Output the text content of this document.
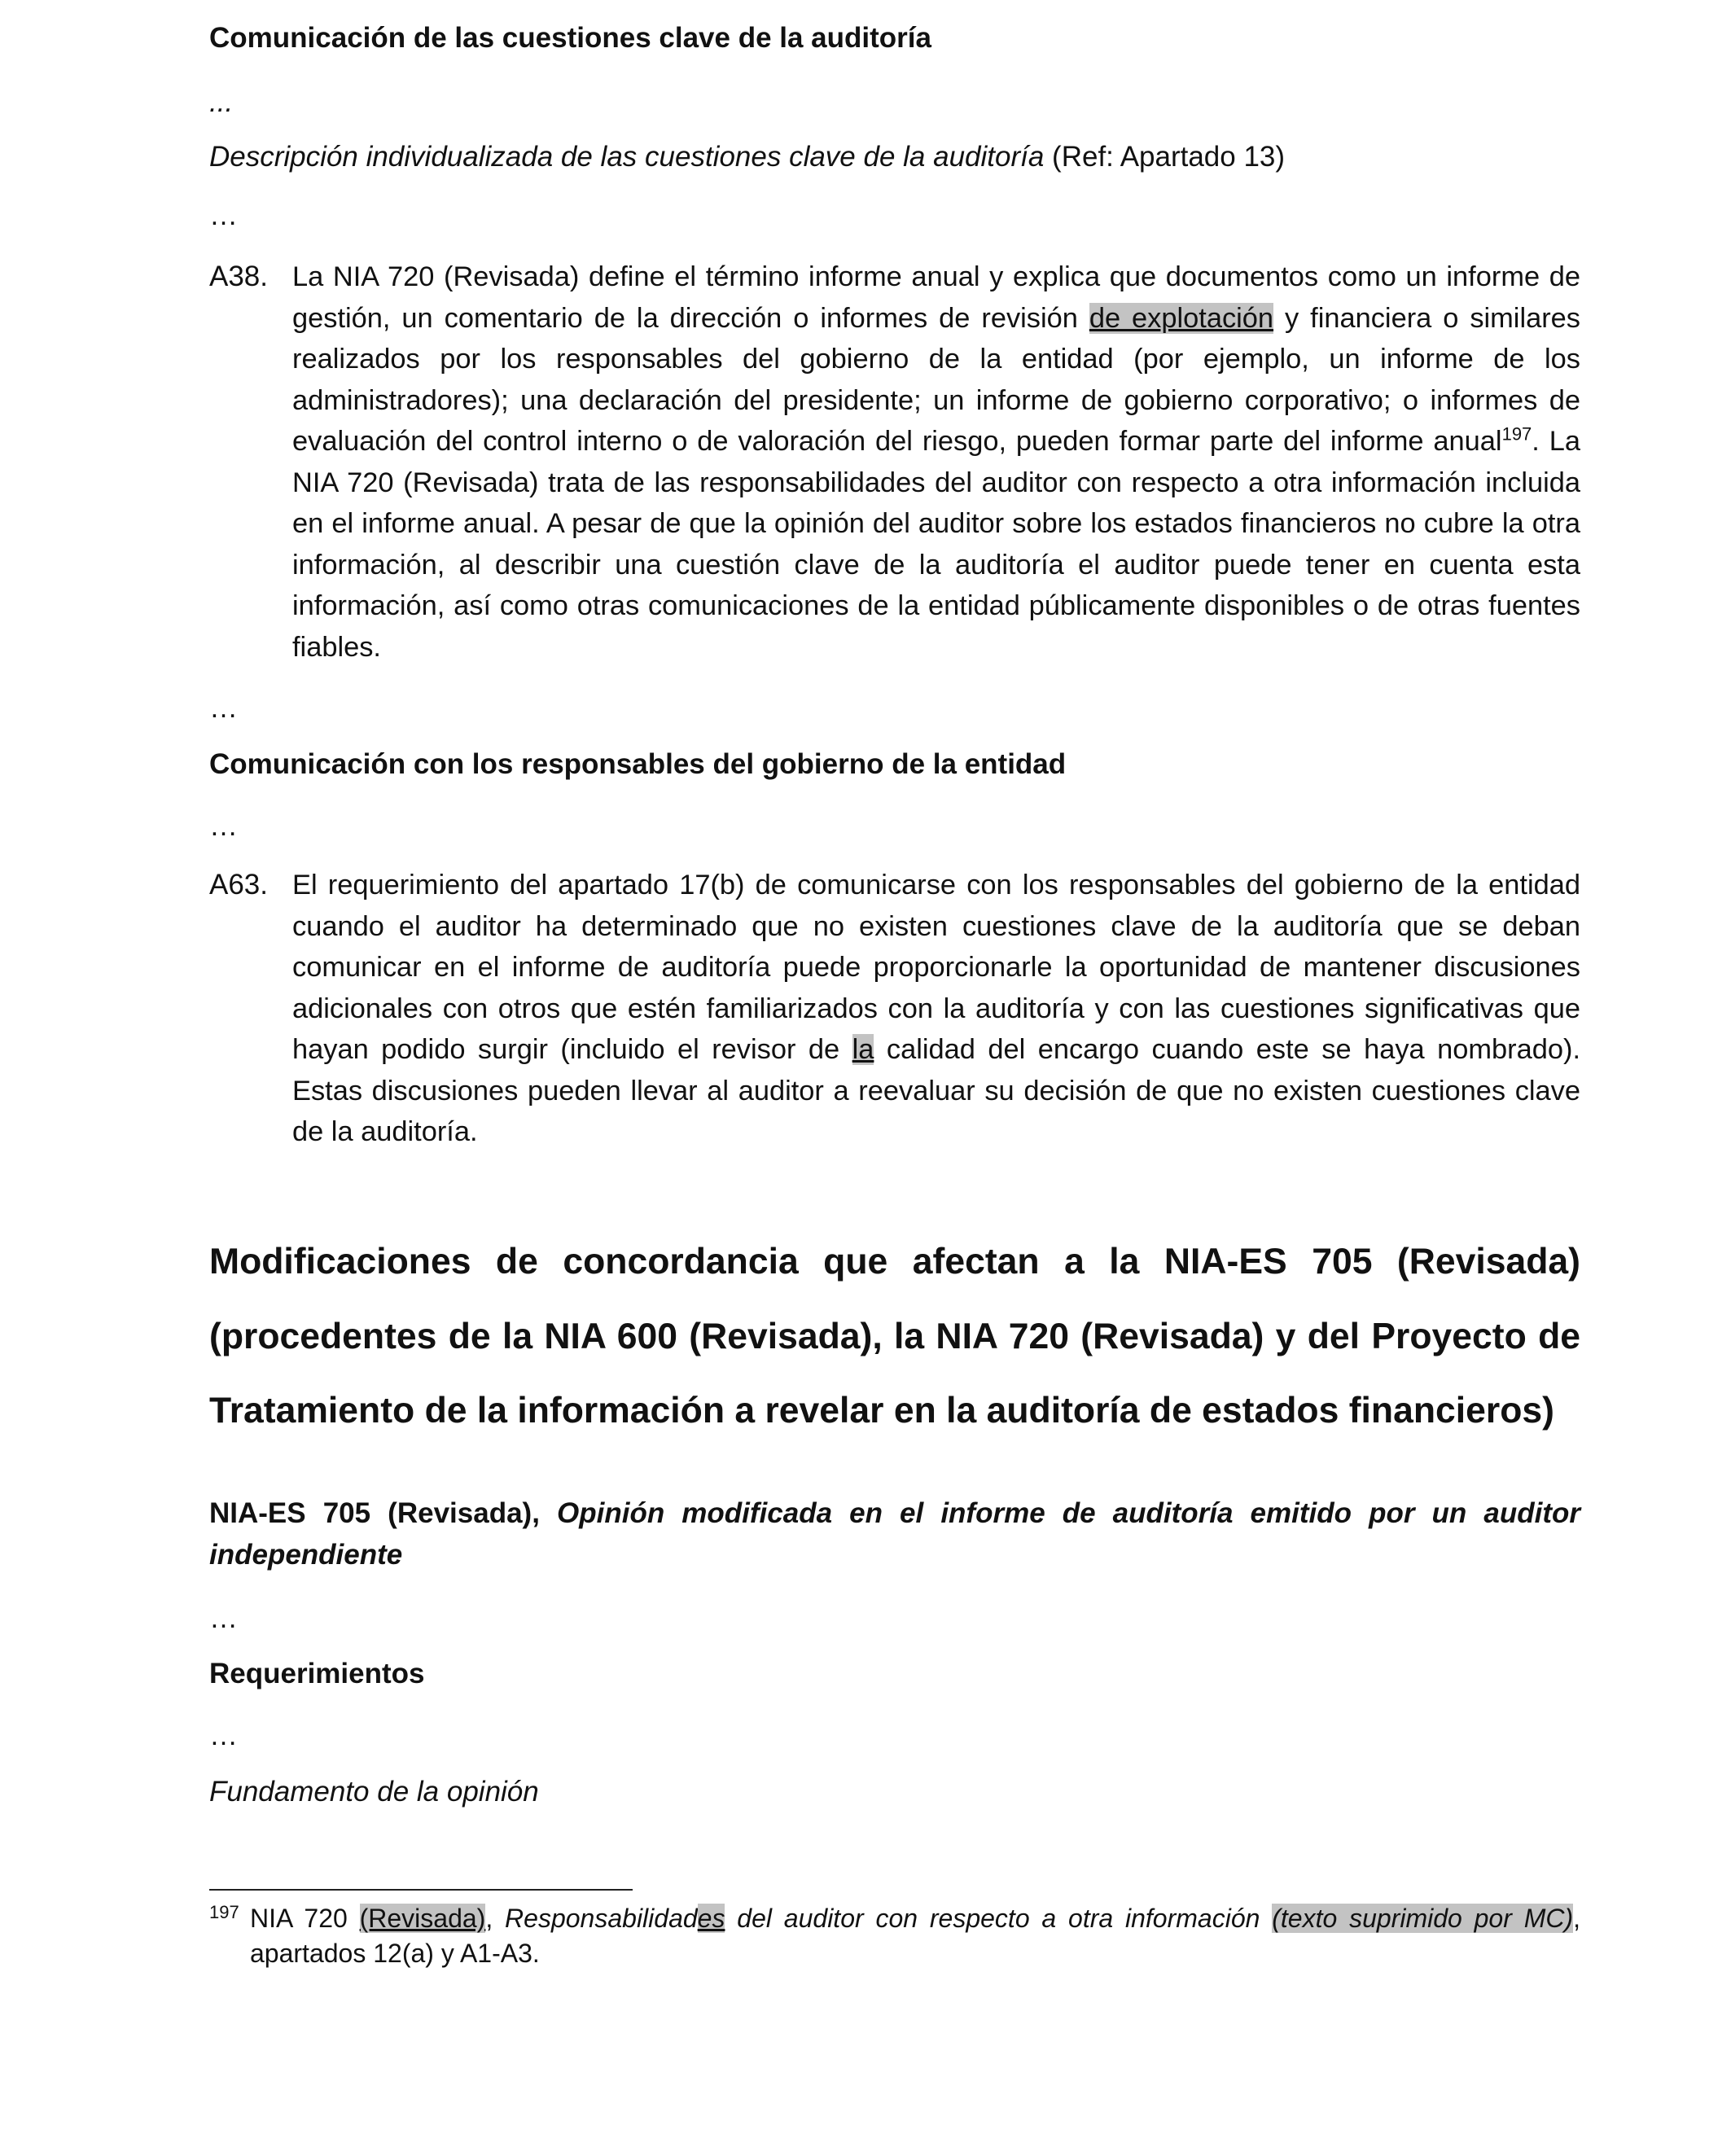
Comunicación de las cuestiones clave de la auditoría

...

Descripción individualizada de las cuestiones clave de la auditoría (Ref: Apartado 13)

…

A38. La NIA 720 (Revisada) define el término informe anual y explica que documentos como un informe de gestión, un comentario de la dirección o informes de revisión de explotación y financiera o similares realizados por los responsables del gobierno de la entidad (por ejemplo, un informe de los administradores); una declaración del presidente; un informe de gobierno corporativo; o informes de evaluación del control interno o de valoración del riesgo, pueden formar parte del informe anual$^{197}$. La NIA 720 (Revisada) trata de las responsabilidades del auditor con respecto a otra información incluida en el informe anual. A pesar de que la opinión del auditor sobre los estados financieros no cubre la otra información, al describir una cuestión clave de la auditoría el auditor puede tener en cuenta esta información, así como otras comunicaciones de la entidad públicamente disponibles o de otras fuentes fiables.

…

Comunicación con los responsables del gobierno de la entidad

…

A63. El requerimiento del apartado 17(b) de comunicarse con los responsables del gobierno de la entidad cuando el auditor ha determinado que no existen cuestiones clave de la auditoría que se deban comunicar en el informe de auditoría puede proporcionarle la oportunidad de mantener discusiones adicionales con otros que estén familiarizados con la auditoría y con las cuestiones significativas que hayan podido surgir (incluido el revisor de la calidad del encargo cuando este se haya nombrado). Estas discusiones pueden llevar al auditor a reevaluar su decisión de que no existen cuestiones clave de la auditoría.

Modificaciones de concordancia que afectan a la NIA-ES 705 (Revisada) (procedentes de la NIA 600 (Revisada), la NIA 720 (Revisada) y del Proyecto de Tratamiento de la información a revelar en la auditoría de estados financieros)

NIA-ES 705 (Revisada), Opinión modificada en el informe de auditoría emitido por un auditor independiente

…

Requerimientos

…

Fundamento de la opinión

197 NIA 720 (Revisada), Responsabilidades del auditor con respecto a otra información (texto suprimido por MC), apartados 12(a) y A1-A3.
